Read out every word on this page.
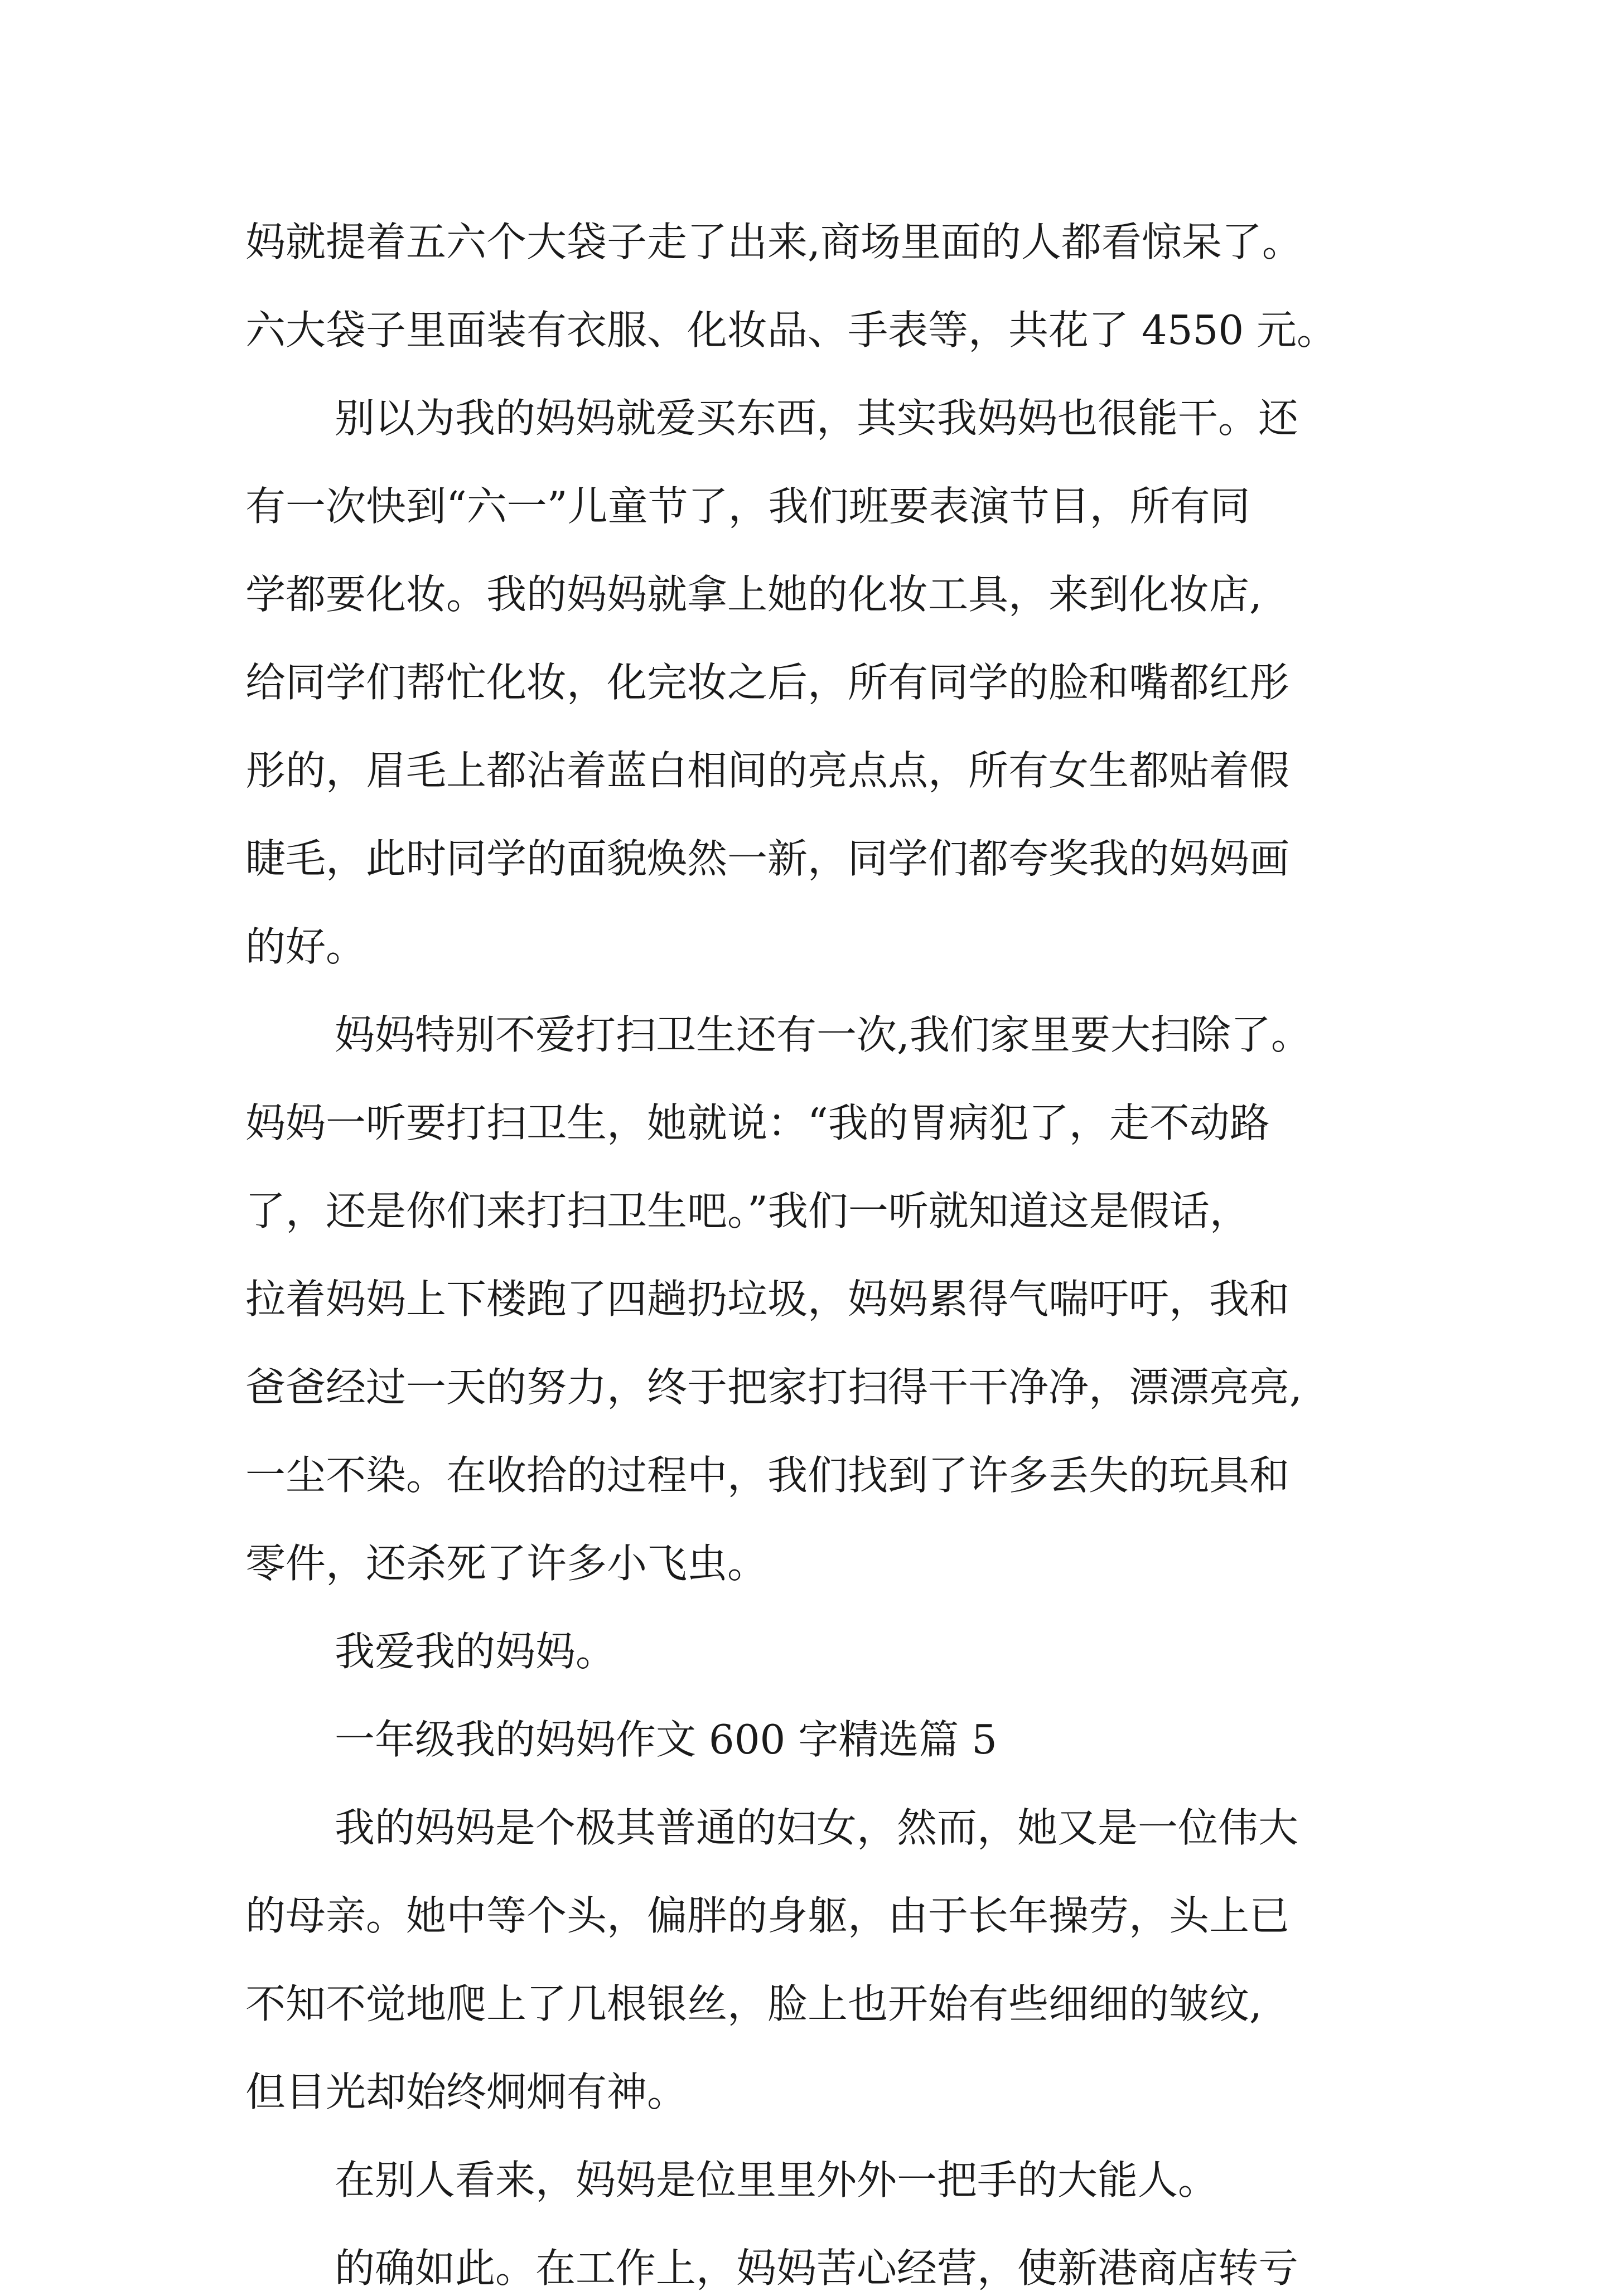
妈就提着五六个大袋子走了出来,商场里面的人都看惊呆了。
六大袋子里面装有衣服、化妆品、手表等，共花了 4550 元。
别以为我的妈妈就爱买东西，其实我妈妈也很能干。还
有一次快到“六一”儿童节了，我们班要表演节目，所有同
学都要化妆。我的妈妈就拿上她的化妆工具，来到化妆店,
给同学们帮忙化妆，化完妆之后，所有同学的脸和嘴都红彤
彤的，眉毛上都沾着蓝白相间的亮点点，所有女生都贴着假
睫毛，此时同学的面貌焕然一新，同学们都夸奖我的妈妈画
的好。
妈妈特别不爱打扫卫生还有一次,我们家里要大扫除了。
妈妈一听要打扫卫生，她就说：“我的胃病犯了，走不动路
了，还是你们来打扫卫生吧。”我们一听就知道这是假话，
拉着妈妈上下楼跑了四趟扔垃圾，妈妈累得气喘吁吁，我和
爸爸经过一天的努力，终于把家打扫得干干净净，漂漂亮亮,
一尘不染。在收拾的过程中，我们找到了许多丢失的玩具和
零件，还杀死了许多小飞虫。
我爱我的妈妈。
一年级我的妈妈作文 600 字精选篇 5
我的妈妈是个极其普通的妇女，然而，她又是一位伟大
的母亲。她中等个头，偏胖的身躯，由于长年操劳，头上已
不知不觉地爬上了几根银丝，脸上也开始有些细细的皱纹,
但目光却始终炯炯有神。
在别人看来，妈妈是位里里外外一把手的大能人。
的确如此。在工作上，妈妈苦心经营，使新港商店转亏
